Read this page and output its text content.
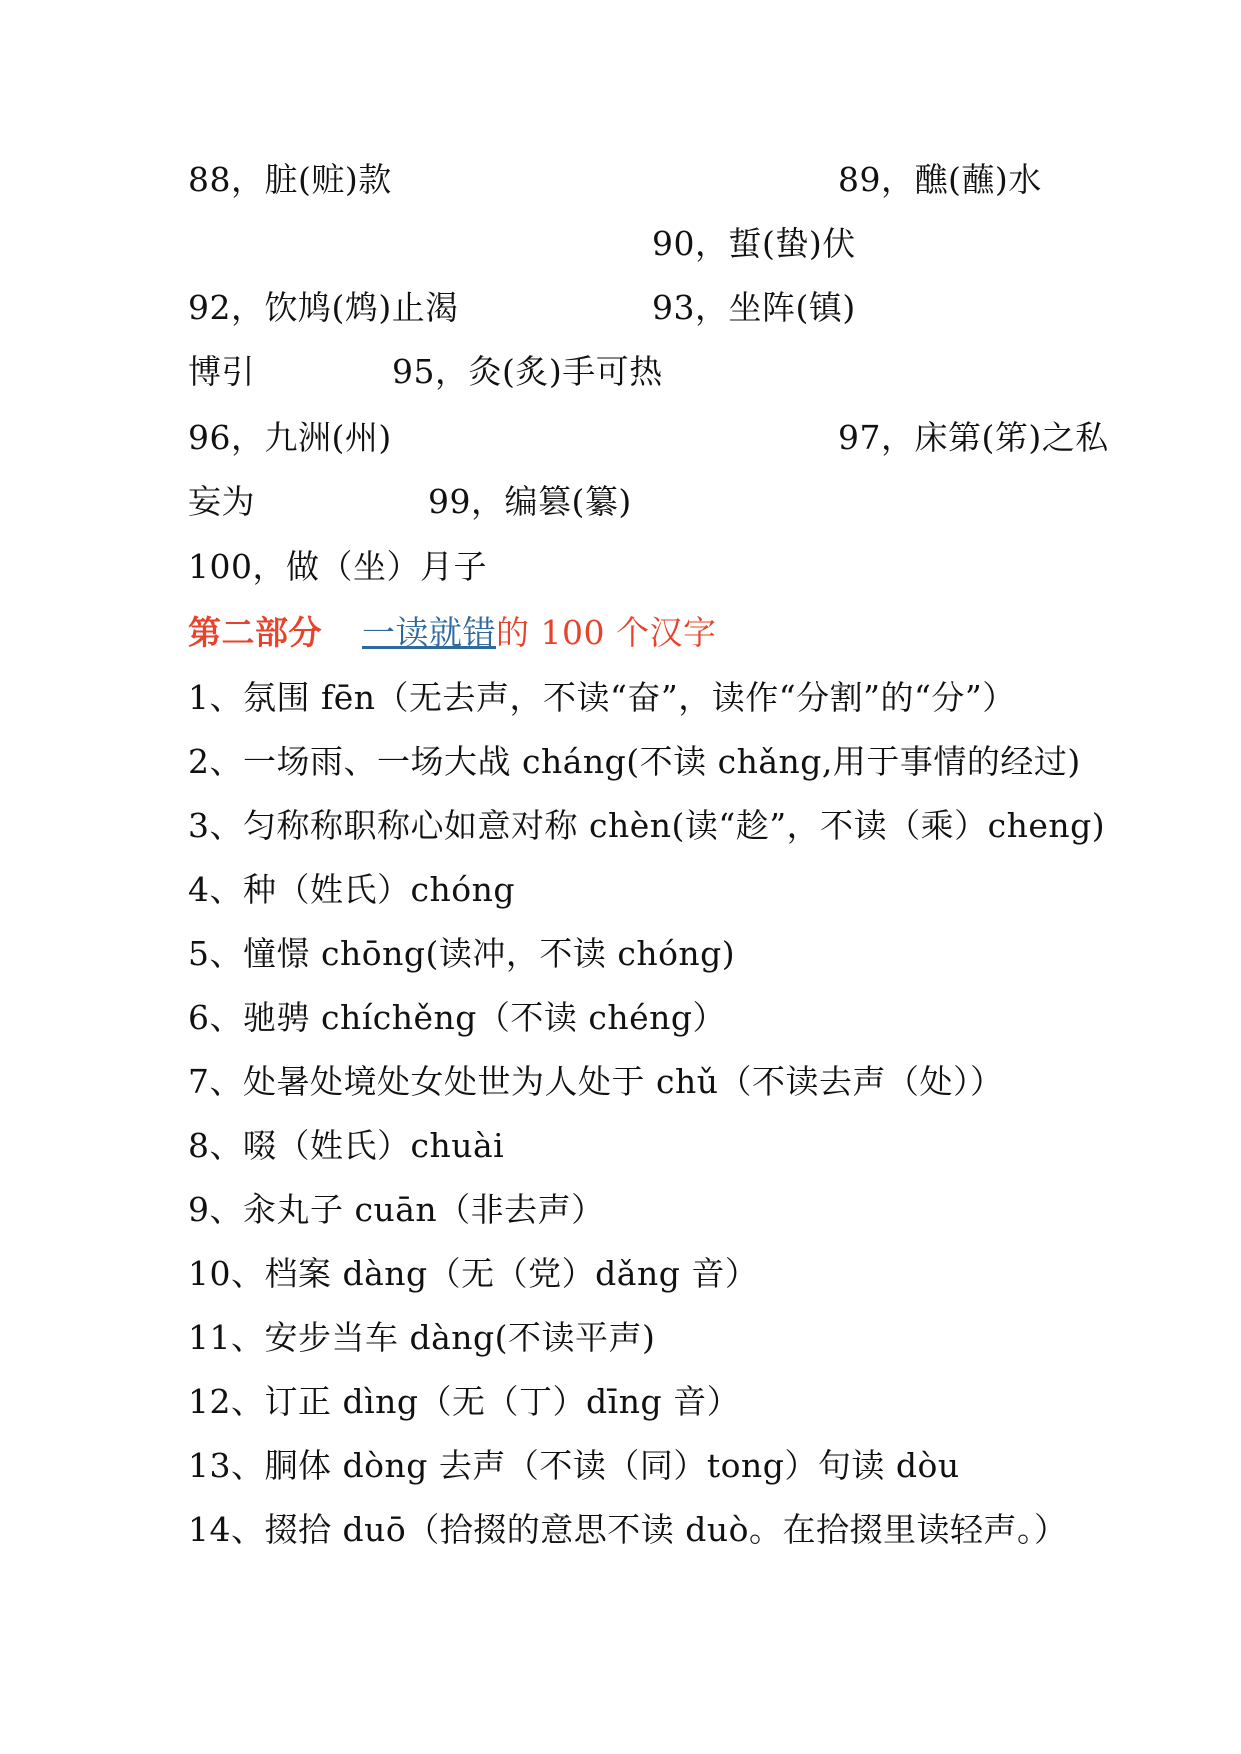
88，脏(赃)款	89，醮(蘸)水
90，蜇(蛰)伏
92，饮鸠(鸩)止渴	93，坐阵(镇)
博引	95，灸(炙)手可热
96，九洲(州)	97，床第(笫)之私
妄为	99，编篡(纂)
100，做（坐）月子
第二部分 一读就错的 100 个汉字
1、氛围 fēn（无去声，不读“奋”，读作“分割”的“分”）
2、一场雨、一场大战 cháng(不读 chǎng,用于事情的经过)
3、匀称称职称心如意对称 chèn(读“趁”，不读（乘）cheng)
4、种（姓氏）chóng
5、憧憬 chōng(读冲，不读 chóng)
6、驰骋 chíchěng（不读 chéng）
7、处暑处境处女处世为人处于 chǔ（不读去声（处））
8、啜（姓氏）chuài
9、汆丸子 cuān（非去声）
10、档案 dàng（无（党）dǎng 音）
11、安步当车 dàng(不读平声)
12、订正 dìng（无（丁）dīng 音）
13、胴体 dòng 去声（不读（同）tong）句读 dòu
14、掇拾 duō（拾掇的意思不读 duò。在拾掇里读轻声。）
